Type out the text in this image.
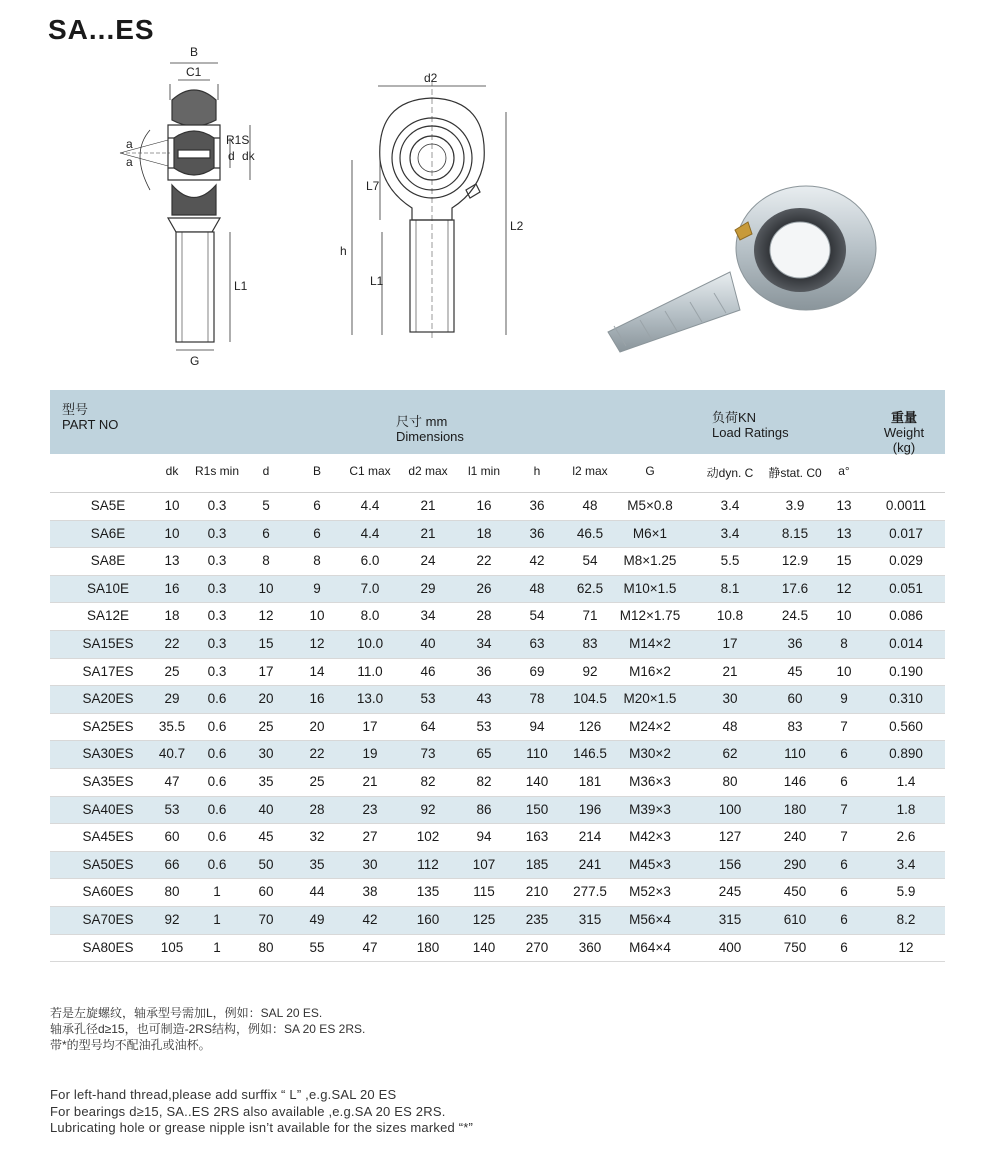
SA...ES
B
C1
R1S
d dk
a
a
L1
G
d2
L7
L2
h
L1
型号
PART NO	尺寸 mm
Dimensions
负荷KN
Load Ratings
重量
Weight
(kg)
dk	R1s min	d	B	C1 max	d2 max	l1 min	h	l2 max	G	动dyn. C	静stat. C0	a°
SA5E	10	0.3	5	6	4.4	21	16	36	48	M5×0.8	3.4	3.9	13	0.0011
SA6E	10	0.3	6	6	4.4	21	18	36	46.5	M6×1	3.4	8.15	13	0.017
SA8E	13	0.3	8	8	6.0	24	22	42	54	M8×1.25	5.5	12.9	15	0.029
SA10E	16	0.3	10	9	7.0	29	26	48	62.5	M10×1.5	8.1	17.6	12	0.051
SA12E	18	0.3	12	10	8.0	34	28	54	71	M12×1.75	10.8	24.5	10	0.086
SA15ES	22	0.3	15	12	10.0	40	34	63	83	M14×2	17	36	8	0.014
SA17ES	25	0.3	17	14	11.0	46	36	69	92	M16×2	21	45	10	0.190
SA20ES	29	0.6	20	16	13.0	53	43	78	104.5	M20×1.5	30	60	9	0.310
SA25ES	35.5	0.6	25	20	17	64	53	94	126	M24×2	48	83	7	0.560
SA30ES	40.7	0.6	30	22	19	73	65	110	146.5	M30×2	62	110	6	0.890
SA35ES	47	0.6	35	25	21	82	82	140	181	M36×3	80	146	6	1.4
SA40ES	53	0.6	40	28	23	92	86	150	196	M39×3	100	180	7	1.8
SA45ES	60	0.6	45	32	27	102	94	163	214	M42×3	127	240	7	2.6
SA50ES	66	0.6	50	35	30	112	107	185	241	M45×3	156	290	6	3.4
SA60ES	80	1	60	44	38	135	115	210	277.5	M52×3	245	450	6	5.9
SA70ES	92	1	70	49	42	160	125	235	315	M56×4	315	610	6	8.2
SA80ES	105	1	80	55	47	180	140	270	360	M64×4	400	750	6	12
若是左旋螺纹，轴承型号需加L，例如：SAL 20 ES.
轴承孔径d≥15，也可制造-2RS结构，例如：SA 20 ES 2RS.
带*的型号均不配油孔或油杯。
For left-hand thread,please add surffix “ L” ,e.g.SAL 20 ES
For bearings d≥15, SA..ES 2RS also available ,e.g.SA 20 ES 2RS.
Lubricating hole or grease nipple isn’t available for the sizes marked “*”
